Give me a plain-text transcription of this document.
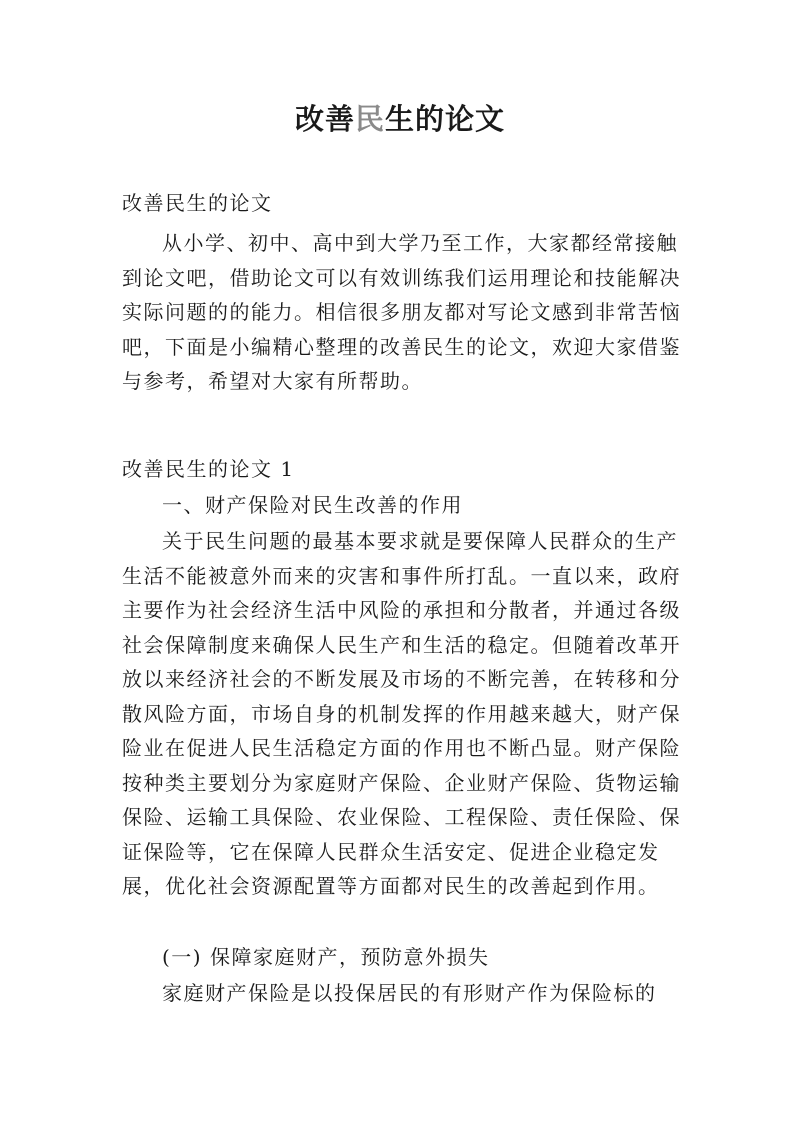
改善民生的论文
改善民生的论文

从小学、初中、高中到大学乃至工作，大家都经常接触到论文吧，借助论文可以有效训练我们运用理论和技能解决实际问题的的能力。相信很多朋友都对写论文感到非常苦恼吧，下面是小编精心整理的改善民生的论文，欢迎大家借鉴与参考，希望对大家有所帮助。

改善民生的论文 1
一、财产保险对民生改善的作用

关于民生问题的最基本要求就是要保障人民群众的生产生活不能被意外而来的灾害和事件所打乱。一直以来，政府主要作为社会经济生活中风险的承担和分散者，并通过各级社会保障制度来确保人民生产和生活的稳定。但随着改革开放以来经济社会的不断发展及市场的不断完善，在转移和分散风险方面，市场自身的机制发挥的作用越来越大，财产保险业在促进人民生活稳定方面的作用也不断凸显。财产保险按种类主要划分为家庭财产保险、企业财产保险、货物运输保险、运输工具保险、农业保险、工程保险、责任保险、保证保险等，它在保障人民群众生活安定、促进企业稳定发展，优化社会资源配置等方面都对民生的改善起到作用。

(一) 保障家庭财产，预防意外损失

家庭财产保险是以投保居民的有形财产作为保险标的
